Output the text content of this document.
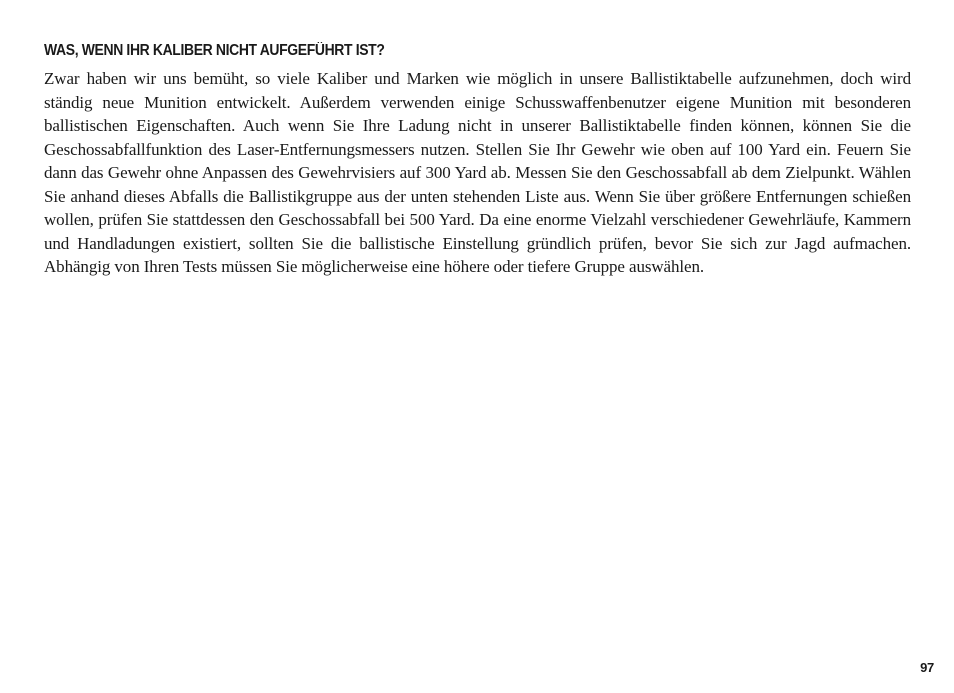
WAS, WENN IHR KALIBER NICHT AUFGEFÜHRT IST?

Zwar haben wir uns bemüht, so viele Kaliber und Marken wie möglich in unsere Ballistiktabelle aufzunehmen, doch wird ständig neue Munition entwickelt. Außerdem verwenden einige Schusswaffenbenutzer eigene Munition mit besonderen ballistischen Eigenschaften. Auch wenn Sie Ihre Ladung nicht in unserer Ballistiktabelle finden können, können Sie die Geschossabfallfunktion des Laser-Entfernungsmessers nutzen. Stellen Sie Ihr Gewehr wie oben auf 100 Yard ein. Feuern Sie dann das Gewehr ohne Anpassen des Gewehrvisiers auf 300 Yard ab. Messen Sie den Geschossabfall ab dem Zielpunkt. Wählen Sie anhand dieses Abfalls die Ballistikgruppe aus der unten stehenden Liste aus. Wenn Sie über größere Entfernungen schießen wollen, prüfen Sie stattdessen den Geschossabfall bei 500 Yard. Da eine enorme Vielzahl verschiedener Gewehrläufe, Kammern und Handladungen existiert, sollten Sie die ballistische Einstellung gründlich prüfen, bevor Sie sich zur Jagd aufmachen. Abhängig von Ihren Tests müssen Sie möglicherweise eine höhere oder tiefere Gruppe auswählen.

97
